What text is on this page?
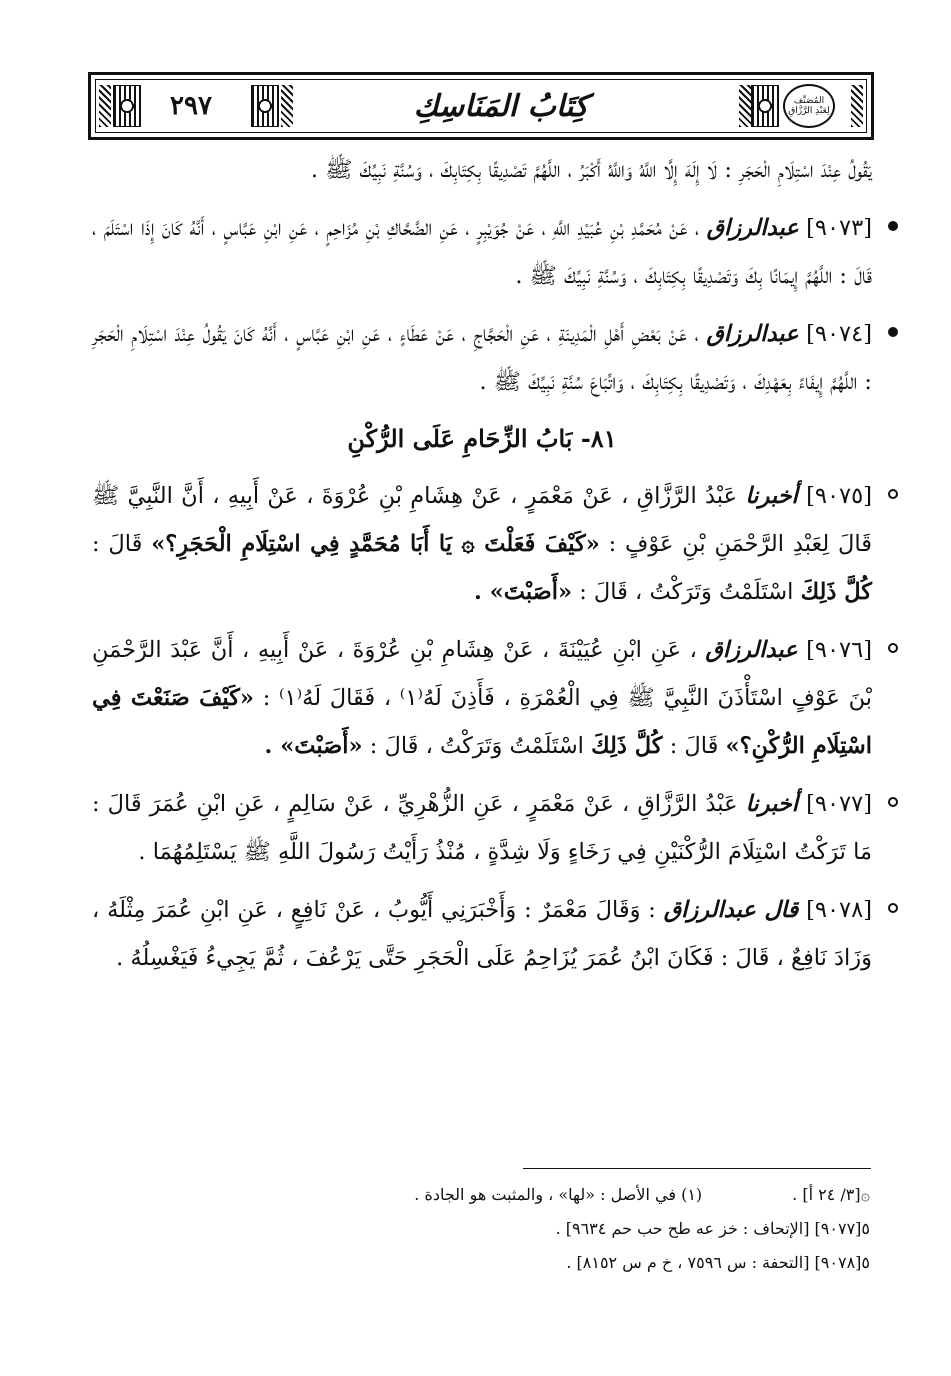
٢٩٧	كِتَابُ المَنَاسِكِ	المُصَنَّف
لِعَبْدِ الرَّزَّاقِ

يَقُولُ عِنْدَ اسْتِلَامِ الْحَجَرِ : لَا إِلَهَ إِلَّا اللَّهُ وَاللَّهُ أَكْبَرُ ، اللَّهُمَّ تَصْدِيقًا بِكِتَابِكَ ، وَسُنَّةِ نَبِيِّكَ ﷺ .

[٩٠٧٣] عبدالرزاق ، عَنْ مُحَمَّدِ بْنِ عُبَيْدِ اللَّهِ ، عَنْ جُوَيْبِرٍ ، عَنِ الضَّحَّاكِ بْنِ مُزَاحِمٍ ، عَنِ ابْنِ عَبَّاسٍ ، أَنَّهُ كَانَ إِذَا اسْتَلَمَ ، قَالَ : اللَّهُمَّ إِيمَانًا بِكَ وَتَصْدِيقًا بِكِتَابِكَ ، وَسُنَّةِ نَبِيِّكَ ﷺ .

[٩٠٧٤] عبدالرزاق ، عَنْ بَعْضِ أَهْلِ الْمَدِينَةِ ، عَنِ الْحَجَّاجِ ، عَنْ عَطَاءٍ ، عَنِ ابْنِ عَبَّاسٍ ، أَنَّهُ كَانَ يَقُولُ عِنْدَ اسْتِلَامِ الْحَجَرِ : اللَّهُمَّ إِيفَاءً بِعَهْدِكَ ، وَتَصْدِيقًا بِكِتَابِكَ ، وَاتِّبَاعَ سُنَّةِ نَبِيِّكَ ﷺ .

٨١- بَابُ الزِّحَامِ عَلَى الرُّكْنِ

[٩٠٧٥] أخبرنا عَبْدُ الرَّزَّاقِ ، عَنْ مَعْمَرٍ ، عَنْ هِشَامِ بْنِ عُرْوَةَ ، عَنْ أَبِيهِ ، أَنَّ النَّبِيَّ ﷺ قَالَ لِعَبْدِ الرَّحْمَنِ بْنِ عَوْفٍ : «كَيْفَ فَعَلْتَ ۞ يَا أَبَا مُحَمَّدٍ فِي اسْتِلَامِ الْحَجَرِ؟» قَالَ : كُلَّ ذَلِكَ اسْتَلَمْتُ وَتَرَكْتُ ، قَالَ : «أَصَبْتَ» .

[٩٠٧٦] عبدالرزاق ، عَنِ ابْنِ عُيَيْنَةَ ، عَنْ هِشَامِ بْنِ عُرْوَةَ ، عَنْ أَبِيهِ ، أَنَّ عَبْدَ الرَّحْمَنِ بْنَ عَوْفٍ اسْتَأْذَنَ النَّبِيَّ ﷺ فِي الْعُمْرَةِ ، فَأَذِنَ لَهُ⁽١⁾ ، فَقَالَ لَهُ⁽١⁾ : «كَيْفَ صَنَعْتَ فِي اسْتِلَامِ الرُّكْنِ؟» قَالَ : كُلَّ ذَلِكَ اسْتَلَمْتُ وَتَرَكْتُ ، قَالَ : «أَصَبْتَ» .

[٩٠٧٧] أخبرنا عَبْدُ الرَّزَّاقِ ، عَنْ مَعْمَرٍ ، عَنِ الزُّهْرِيِّ ، عَنْ سَالِمٍ ، عَنِ ابْنِ عُمَرَ قَالَ : مَا تَرَكْتُ اسْتِلَامَ الرُّكْنَيْنِ فِي رَخَاءٍ وَلَا شِدَّةٍ ، مُنْذُ رَأَيْتُ رَسُولَ اللَّهِ ﷺ يَسْتَلِمُهُمَا .

[٩٠٧٨] قال عبدالرزاق : وَقَالَ مَعْمَرٌ : وَأَخْبَرَنِي أَيُّوبُ ، عَنْ نَافِعٍ ، عَنِ ابْنِ عُمَرَ مِثْلَهُ ، وَزَادَ نَافِعٌ ، قَالَ : فَكَانَ ابْنُ عُمَرَ يُزَاحِمُ عَلَى الْحَجَرِ حَتَّى يَرْعُفَ ، ثُمَّ يَجِيءُ فَيَغْسِلُهُ .

۞[٣/ ٢٤ أ] .
(١) في الأصل : «لها» ، والمثبت هو الجادة .
٥[٩٠٧٧] [الإتحاف : خز عه طح حب حم ٩٦٣٤] .
٥[٩٠٧٨] [التحفة : س ٧٥٩٦ ، خ م س ٨١٥٢] .
